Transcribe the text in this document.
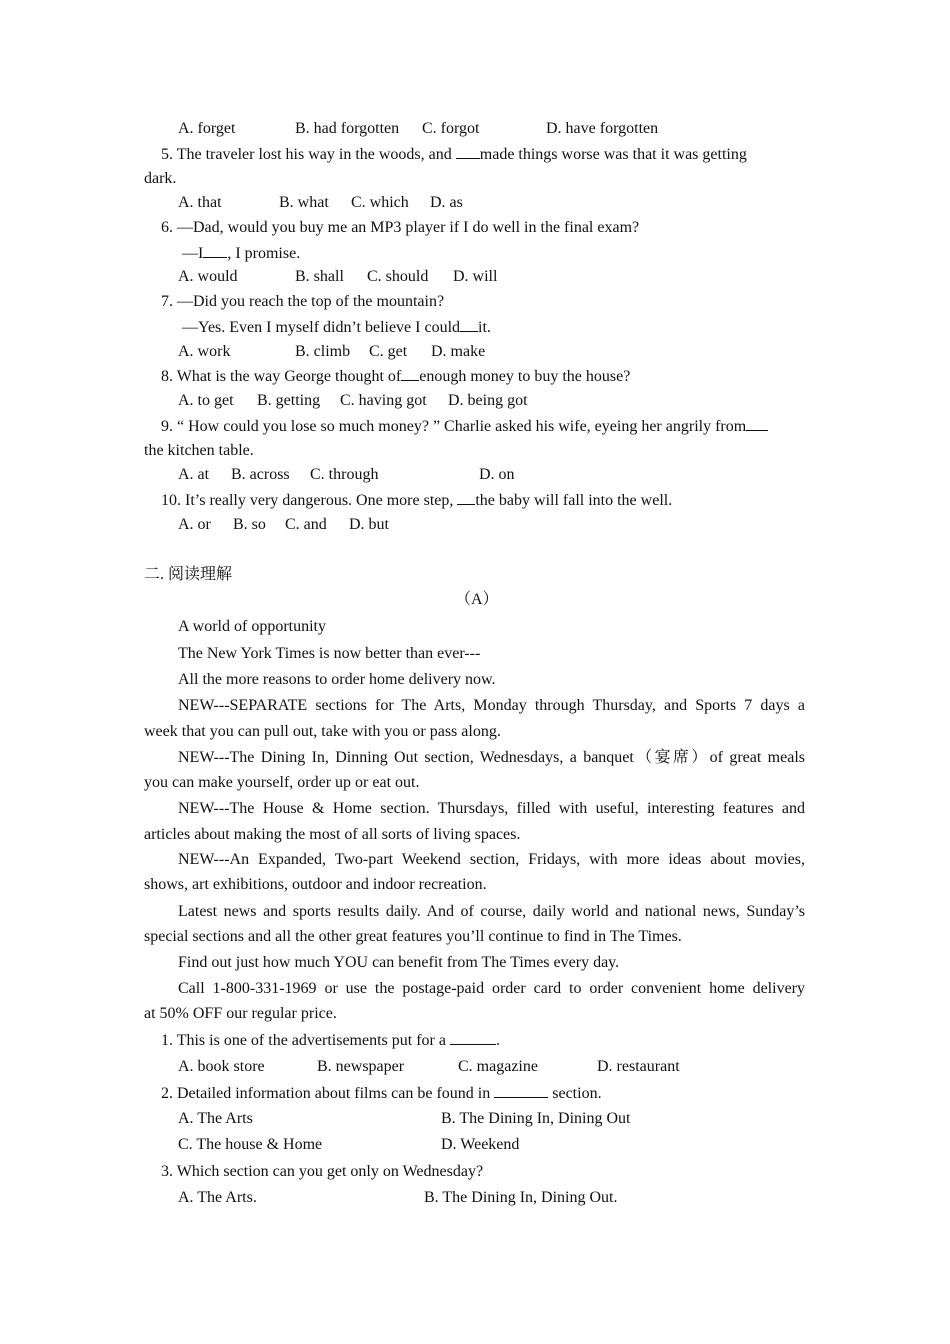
A. forget	B. had forgotten C. forgot	D. have forgotten
5. The traveler lost his way in the woods, and made things worse was that it was getting
dark.
A. that	B. what C. which D. as
6. —Dad, would you buy me an MP3 player if I do well in the final exam?
—I , I promise.
A. would	B. shall C. should D. will
7. —Did you reach the top of the mountain?
—Yes. Even I myself didn’t believe I could it.
A. work	B. climb C. get D. make
8. What is the way George thought of enough money to buy the house?
A. to get B. getting C. having got D. being got
9. “ How could you lose so much money? ” Charlie asked his wife, eyeing her angrily from
the kitchen table.
A. at B. across C. through	D. on
10. It’s really very dangerous. One more step, the baby will fall into the well.
A. or B. so C. and D. but
二. 阅读理解
（A）
A world of opportunity
The New York Times is now better than ever---
All the more reasons to order home delivery now.
NEW---SEPARATE sections for The Arts, Monday through Thursday, and Sports 7 days a
week that you can pull out, take with you or pass along.
NEW---The Dining In, Dinning Out section, Wednesdays, a banquet（宴席）of great meals
you can make yourself, order up or eat out.
NEW---The House & Home section. Thursdays, filled with useful, interesting features and
articles about making the most of all sorts of living spaces.
NEW---An Expanded, Two-part Weekend section, Fridays, with more ideas about movies,
shows, art exhibitions, outdoor and indoor recreation.
Latest news and sports results daily. And of course, daily world and national news, Sunday’s
special sections and all the other great features you’ll continue to find in The Times.
Find out just how much YOU can benefit from The Times every day.
Call 1-800-331-1969 or use the postage-paid order card to order convenient home delivery
at 50% OFF our regular price.
1. This is one of the advertisements put for a	.
A. book store	B. newspaper	C. magazine	D. restaurant
2. Detailed information about films can be found in	section.
A. The Arts	B. The Dining In, Dining Out
C. The house & Home	D. Weekend
3. Which section can you get only on Wednesday?
A. The Arts.	B. The Dining In, Dining Out.
